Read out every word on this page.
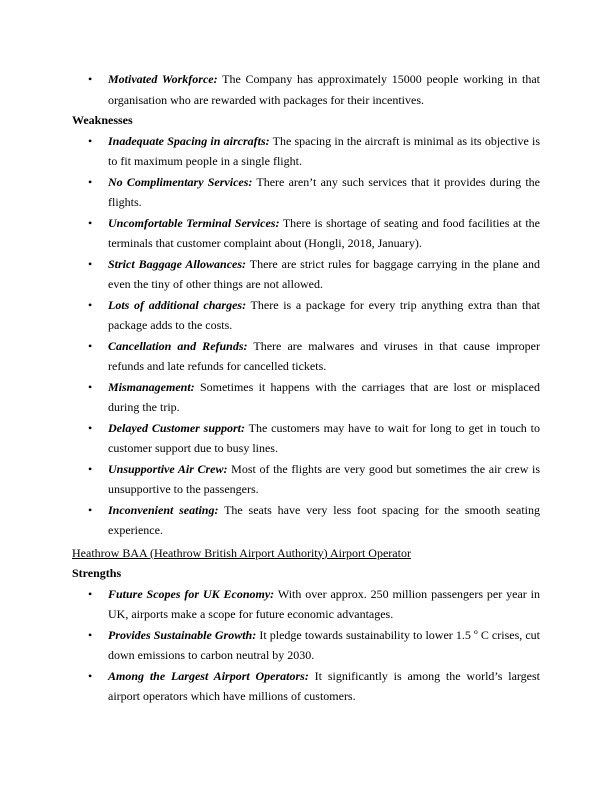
• Motivated Workforce: The Company has approximately 15000 people working in that organisation who are rewarded with packages for their incentives.

Weaknesses

• Inadequate Spacing in aircrafts: The spacing in the aircraft is minimal as its objective is to fit maximum people in a single flight.
• No Complimentary Services: There aren’t any such services that it provides during the flights.
• Uncomfortable Terminal Services: There is shortage of seating and food facilities at the terminals that customer complaint about (Hongli, 2018, January).
• Strict Baggage Allowances: There are strict rules for baggage carrying in the plane and even the tiny of other things are not allowed.
• Lots of additional charges: There is a package for every trip anything extra than that package adds to the costs.
• Cancellation and Refunds: There are malwares and viruses in that cause improper refunds and late refunds for cancelled tickets.
• Mismanagement: Sometimes it happens with the carriages that are lost or misplaced during the trip.
• Delayed Customer support: The customers may have to wait for long to get in touch to customer support due to busy lines.
• Unsupportive Air Crew: Most of the flights are very good but sometimes the air crew is unsupportive to the passengers.
• Inconvenient seating: The seats have very less foot spacing for the smooth seating experience.

Heathrow BAA (Heathrow British Airport Authority) Airport Operator

Strengths

• Future Scopes for UK Economy: With over approx. 250 million passengers per year in UK, airports make a scope for future economic advantages.
• Provides Sustainable Growth: It pledge towards sustainability to lower 1.5 º C crises, cut down emissions to carbon neutral by 2030.
• Among the Largest Airport Operators: It significantly is among the world’s largest airport operators which have millions of customers.
